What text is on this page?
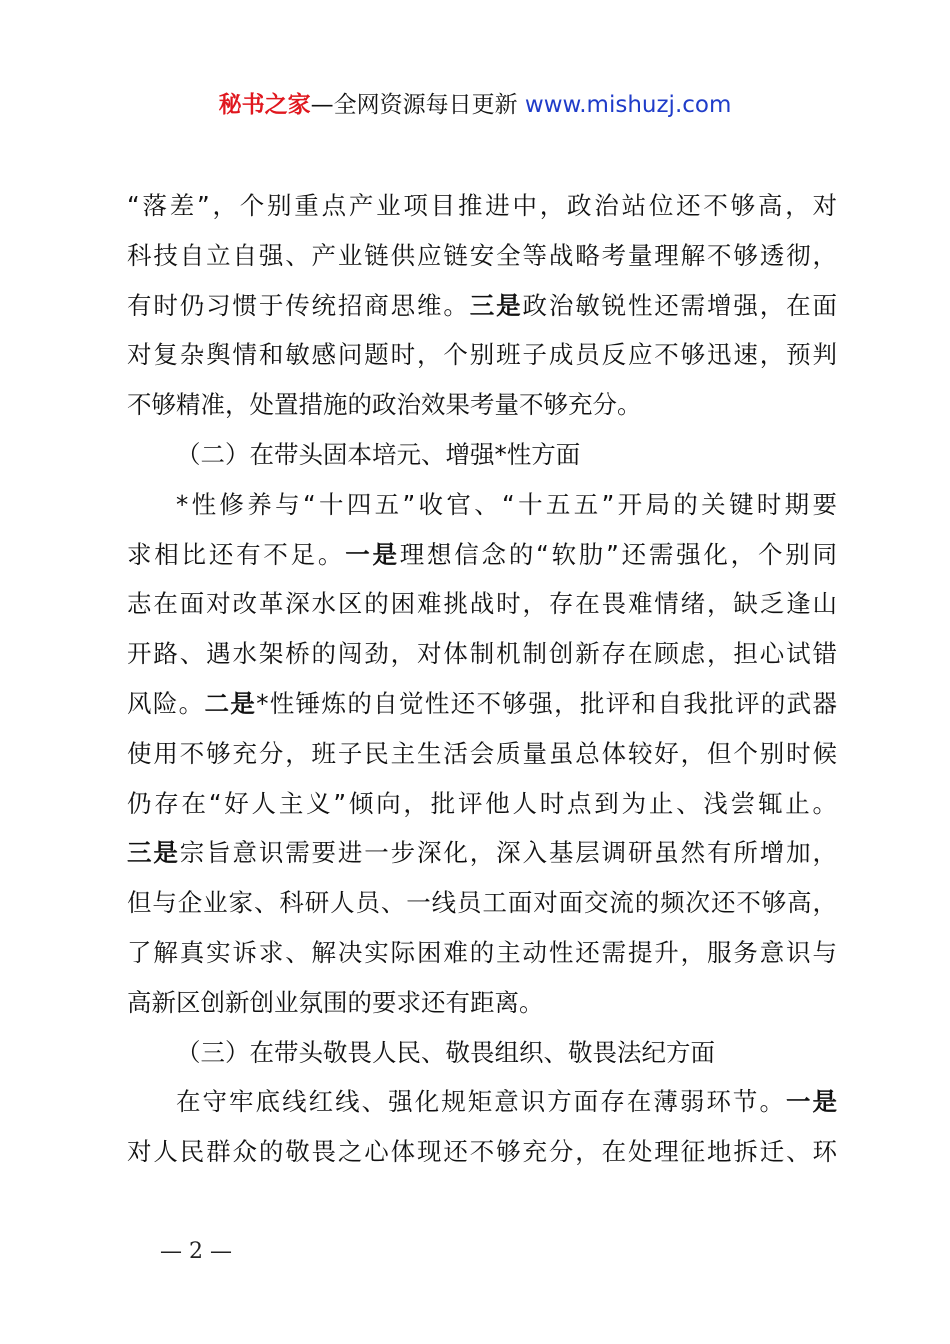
秘书之家—全网资源每日更新 www.mishuzj.com
“落差”，个别重点产业项目推进中，政治站位还不够高，对
科技自立自强、产业链供应链安全等战略考量理解不够透彻，
有时仍习惯于传统招商思维。三是政治敏锐性还需增强，在面
对复杂舆情和敏感问题时，个别班子成员反应不够迅速，预判
不够精准，处置措施的政治效果考量不够充分。
（二）在带头固本培元、增强*性方面
*性修养与“十四五”收官、“十五五”开局的关键时期要
求相比还有不足。一是理想信念的“软肋”还需强化，个别同
志在面对改革深水区的困难挑战时，存在畏难情绪，缺乏逢山
开路、遇水架桥的闯劲，对体制机制创新存在顾虑，担心试错
风险。二是*性锤炼的自觉性还不够强，批评和自我批评的武器
使用不够充分，班子民主生活会质量虽总体较好，但个别时候
仍存在“好人主义”倾向，批评他人时点到为止、浅尝辄止。
三是宗旨意识需要进一步深化，深入基层调研虽然有所增加，
但与企业家、科研人员、一线员工面对面交流的频次还不够高，
了解真实诉求、解决实际困难的主动性还需提升，服务意识与
高新区创新创业氛围的要求还有距离。
（三）在带头敬畏人民、敬畏组织、敬畏法纪方面
在守牢底线红线、强化规矩意识方面存在薄弱环节。一是
对人民群众的敬畏之心体现还不够充分，在处理征地拆迁、环
— 2 —
